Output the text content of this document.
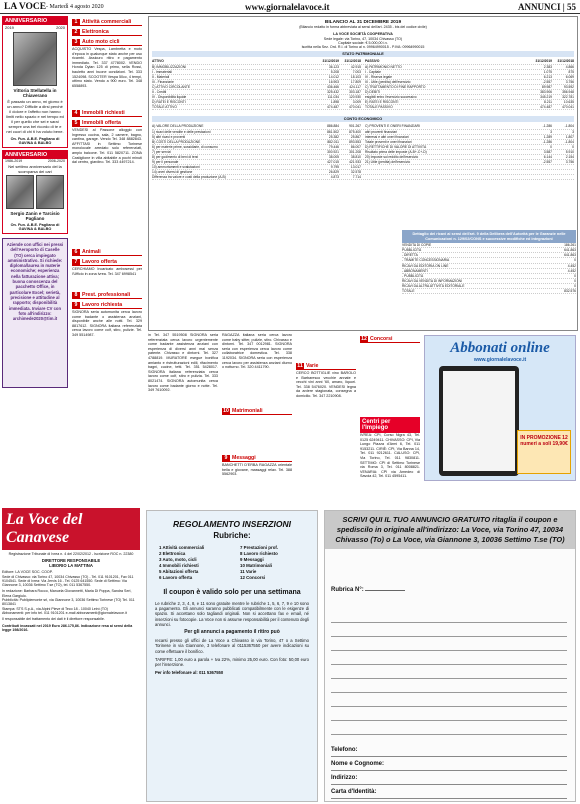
LA VOCE - Martedì 4 agosto 2020	www.giornalelavoce.it	ANNUNCI | 55
ANNIVERSARIO
2019	2020
Vittoria Stellatella in Chiaverano
È passato un anno, mi giorno è un anno? Difficile a dirsi perché il dolore e l'affetto non hanno limiti nello spazio e nel tempo ed il per quello che sei e sarai sempre una bel ricordo di te e nei cuori di chi ti ha voluto bene.
On. Fun. A.B.E. Pagliano di GAVINA & BALBO
ANNIVERSARIO
1986-2019	2006-2020
Nel settimo anniversario del la scomparsa dei cari
Sergio Zanin e Tarcisio Pagliano
On. Fun. A.B.E. Pagliano di GAVINA & BALBO
Aziende con uffici nei pressi dell'Aeroporto di Caselle (TO) cerca impiegato amministrativo. Si richiede: diploma/laurea in materie economiche; esperienza nella fatturazione attiva; buona conoscenza del pacchetto Office, in particolare Excel; serietà, precisione e attitudine al rapporto; disponibilità immediata. Inviare CV con foto all'indirizzo: archimede2020@tim.it
1 Attività commerciali
2 Elettronica
3 Auto moto cicli
ACQUISTO Vespa, Lambretta e moto d'epoca in qualunque stato anche per uso ricambi. Assicuro ritiro e pagamento immediato. Tel. 337 4778002. VENDO Honda Dylan 125 di primo, sella Rossi, bauletto anni buone condizioni. Tel. 333 1524098. SCOOTER Vespa 50cc, 4 tempi, ottimo stato. Vendo a 900 euro. Tel. 348 6558893.
4 Immobili richiesti
5 Immobili offerta
VENDESI al Passone alloggio con Ingresso cucina, sala, 2 camere, bagno, cantina, garage. Vendo Tel. 348 8882843. AFFITTASI in Settimo Torinese monolocale arredato solo referenziati, ampio balcone. Tel. 011 5820711. ZONA Castiglione in villa abitabile a pochi minuti dal centro, giardino. Tel. 333 4497214.
6 Animali
7 Lavoro offerta
CERCHIAMO Incaricato ambosessi per l'Ufficio in zona Ivrea. Tel. 347 6998541
8 Prest. professionali
9 Lavoro richiesta
SIGNORA seria automunita cerca lavoro come badante o assistenza anziani, disponibile anche alle notti. Tel. 329 8817612. SIGNORA italiana referenziata cerca lavoro come colf, stiro, pulizie. Tel. 349 5514987.
BILANCIO AL 31 DICEMBRE 2019
(Bilancio redatto in forma abbreviata ai sensi dell'art. 2435 - bis del codice civile)
LA VOCE SOCIETÀ COOPERATIVA
Sede legale: via Torino, 47, 10034 Chivasso (TO)
Capitale sociale: € 5.000,00 i.v.
Iscritta nella Sez. Ord. R.I. di Torino al n. 09964990015 - P.IVA: 09964990015
STATO PATRIMONIALE
ATTIVO	31/12/2019	31/12/2018	PASSIVO	31/12/2019	31/12/2018
B) IMMOBILIZZAZIONI	36.123	42.915	A) PATRIMONIO NETTO	2.383	4.866
I - Immateriali	5.208	7.003	I - Capitale	1.075	875
II - Materiali	14.012	18.103	IV - Riserva legale	6.213	6.069
III - Finanziarie	16.903	17.809	IX - Utile (perdita) dell'esercizio	-2.557	3.756
C) ATTIVO CIRCOLANTE	436.466	424.117	C) TRATTAMENTO DI FINE RAPPORTO	89.987	93.592
II - Crediti	325.432	303.187	D) DEBITI	383.906	356.948
IV - Disponibilità liquide	111.034	120.930	esigibili entro l'esercizio successivo	345.219	322.781
D) RATEI E RISCONTI	1.898	3.009	E) RATEI E RISCONTI	8.211	10.635
TOTALE ATTIVO	474.487	470.041	TOTALE PASSIVO	474.487	470.041
CONTO ECONOMICO
A) VALORE DELLA PRODUZIONE	886.884	901.267	C) PROVENTI E ONERI FINANZIARI	-1.286	-1.804
1) ricavi delle vendite e delle prestazioni	861.502	875.400	altri proventi finanziari	3	3
5) altri ricavi e proventi	25.382	25.867	interessi e altri oneri finanziari	1.289	1.807
B) COSTI DELLA PRODUZIONE	882.011	893.553	Totale proventi e oneri finanziari	-1.286	-1.804
6) per materie prime, sussidiarie, di consumo	79.446	86.007	D) RETTIFICHE DI VALORE DI ATTIVITÀ	0	0
7) per servizi	300.921	301.208	Risultato prima delle imposte (A-B+-C+-D)	3.587	5.910
8) per godimento di beni di terzi	38.005	38.810	20) Imposte sul reddito dell'esercizio	6.144	2.154
9) per il personale	427.015	421.933	21) Utile (perdita) dell'esercizio	-2.557	3.756
10) ammortamenti e svalutazioni	9.795	13.017
14) oneri diversi di gestione	26.829	32.578
Differenza tra valore e costi della produzione (A-B)	4.873	7.714
Dettaglio dei ricavi ai sensi dell'art. 9 della Delibera dell'Autorità per le Garanzie nelle Comunicazioni n. 129/02/CONS e successive modifiche ed integrazioni
VENDITA DI COPIE	186.261
PUBBLICITÀ	641.863
- DIRETTA	641.863
- TRAMITE CONCESSIONARIA	0
RICAVI DA EDITORIA ON LINE	4.452
- ABBONAMENTI	4.452
- PUBBLICITÀ	0
RICAVI DA VENDITA DI INFORMAZIONI	0
RICAVI DA ALTRA ATTIVITÀ EDITORIALE	0
TOTALE	832.576
in Tel. 347 5519508 SIGNORA seria referenziata cerca lavoro urgentemente come badante assistenza anziani con esperienza di diversi anni mai senza patente. Chivasso e dintorni. Tel. 327 4788819. MURATORE esegue bonifica amianto e ristrutturazioni edili, rifacimento bagni, cucine, tetti. Tel. 351 5428017. SIGNORA italiana referenziata cerca lavoro come colf, stiro e pulizia. Tel. 333 8021474. SIGNORA automunita cerca lavoro come badante giorno e notte. Tel. 349 7610092.
RAGAZZA italiana seria cerca lavoro come baby sitter, pulizie, stiro. Chivasso e dintorni. Tel. 347 0012981. SIGNORA seria con esperienza cerca lavoro come collaboratrice domestica. Tel. 338 1192034. SIGNORA seria con esperienza cerca lavoro per assistenza anziani diurno o notturno. Tel. 320 4411790.
10 Matrimoniali
9 Messaggi
BANCHETTI D'ERBA RAGAZZA orientale bella e giovane, massaggi relax. Tel. 388 5562903.
11 Varie
CERCO BOTTIGLIE vino BAROLO e Barbaresco vecchie annate e vecchi vini anni '60, amaro, liquori. Tel. 338 5476020. VENDESI legna da ardere stagionata, consegna a domicilio. Tel. 347 2210908.
12 Concorsi
Centri per l'Impiego
IVREA: CPI, Corso Nigra 43, Tel. 0125 6249411. CHIVASSO: CPI, Via Lungo Piazza d'Armi 6, Tel. 011 9153211. CIRIÈ: CPI, Via Banna 14, Tel. 011 9212611. CALUSO: CPI, Via Torino, Tel. 011 9830811. SETTIMO: CPI di Settimo Torinese via Roma 3, Tel. 011 8008821. VENARIA: CPI via Amedeo di Savoia 42, Tel. 011 4595411.
Abbonati online
www.giornalelavoce.it
IN PROMOZIONE 12 numeri a soli 19,90€
La Voce del Canavese
Registrazione Tribunale di Ivrea n. 4 del 22/02/2012 - Iscrizione ROC n. 22380
DIRETTORE RESPONSABILE
LIBORIO LA MATTINA
Editore: LA VOCE SOC. COOP.
Sede di Chivasso: via Torino 47, 10034 Chivasso (TO) - Tel. 011 9101201, Fax 011 9104541. Sede di Ivrea: Via Jervis 16 - Tel. 0125 641550. Sede di Settimo: Via Giannone 3, 10036 Settimo T.se (TO), tel. 011 5367550.
In redazione: Barbara Rocco, Manuela Giovannetti, Maria Di Poppa, Sandra Seri, Elena Gargiulo.
Pubblicità: Publipiemonte srl, via Giannone 3, 10036 Settimo Torinese (TO) Tel. 011 8013841
Stampa: STS S.p.A., via Alpini Pieve di Teco 18 - 10040 Leinì (TO)
Abbonamenti: per info tel. 011 9101201 e-mail abbonamenti@giornalelavoce.it
Il responsabile del trattamento dei dati è il direttore responsabile.
Contributi incassati nel 2019 Euro 286.175,86. Indicazione resa ai sensi della legge 198/2016.
REGOLAMENTO INSERZIONI
Rubriche:
1 Attività commerciali
2 Elettronica
3 Auto, moto, cicli
4 Immobili richiesti
5 Abitazioni offerta
6 Lavoro offerta
7 Prestazioni prof.
8 Lavoro richiesto
9 Messaggi
10 Matrimoniali
11 Varie
12 Concorsi
Il coupon è valido solo per una settimana
Le rubriche 2, 3, 4, 8, e 11 sono gratuite mentre le rubriche 1, 5, 6, 7, 9 e 10 sono a pagamento. Gli annunci saranno pubblicati compatibilmente con le esigenze di spazio. Si accettano solo tagliandi originali. Non si accettano fax e email, né inserzioni su fotocopie. La Voce non si assume responsabilità per il contenuto degli annunci.
Per gli annunci a pagamento il ritiro può
recarsi presso gli uffici de La Voce a Chivasso in via Torino, 47 o a Settimo Torinese in via Giannone, 3 telefonare al 0115367550 per avere indicazioni su come effettuare il bonifico.
TARIFFE: 1,00 euro a parola + Iva 22%, minimo 25,00 euro. Con foto: 50,00 euro per l'inserzione.
Per info telefonare al: 011 5367550
SCRIVI QUI IL TUO ANNUNCIO GRATUITO ritaglia il coupon e spediscilo in originale all'indirizzo: La Voce, via Torino 47, 10034 Chivasso (To) o La Voce, via Giannone 3, 10036 Settimo T.se (TO)
Rubrica N°:
Telefono:
Nome e Cognome:
Indirizzo:
Carta d'Identità:
